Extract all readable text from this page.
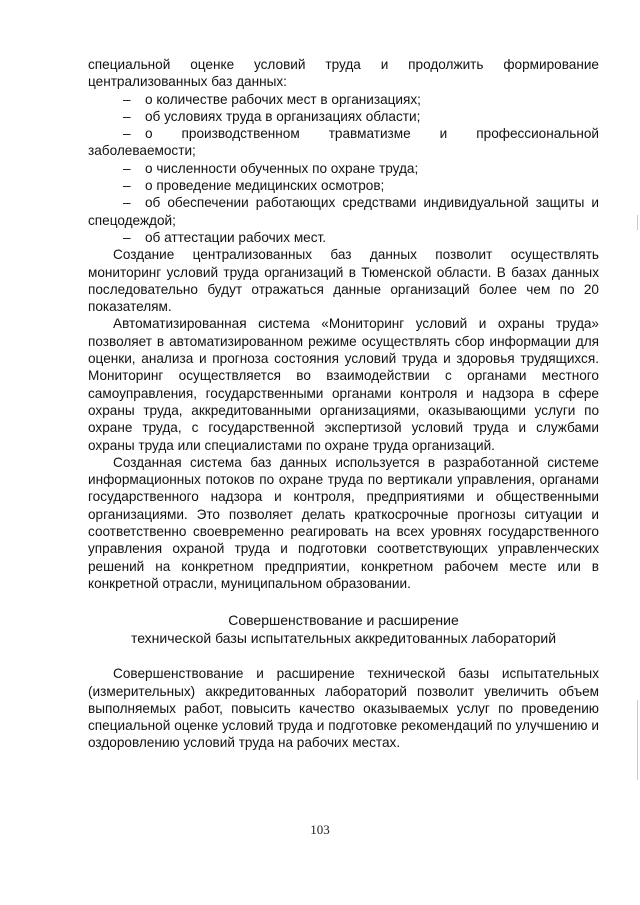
специальной оценке условий труда и продолжить формирование централизованных баз данных:

– о количестве рабочих мест в организациях;
– об условиях труда в организациях области;
– о производственном травматизме и профессиональной заболеваемости;
– о численности обученных по охране труда;
– о проведение медицинских осмотров;
– об обеспечении работающих средствами индивидуальной защиты и спецодеждой;
– об аттестации рабочих мест.

Создание централизованных баз данных позволит осуществлять мониторинг условий труда организаций в Тюменской области. В базах данных последовательно будут отражаться данные организаций более чем по 20 показателям.

Автоматизированная система «Мониторинг условий и охраны труда» позволяет в автоматизированном режиме осуществлять сбор информации для оценки, анализа и прогноза состояния условий труда и здоровья трудящихся. Мониторинг осуществляется во взаимодействии с органами местного самоуправления, государственными органами контроля и надзора в сфере охраны труда, аккредитованными организациями, оказывающими услуги по охране труда, с государственной экспертизой условий труда и службами охраны труда или специалистами по охране труда организаций.

Созданная система баз данных используется в разработанной системе информационных потоков по охране труда по вертикали управления, органами государственного надзора и контроля, предприятиями и общественными организациями. Это позволяет делать краткосрочные прогнозы ситуации и соответственно своевременно реагировать на всех уровнях государственного управления охраной труда и подготовки соответствующих управленческих решений на конкретном предприятии, конкретном рабочем месте или в конкретной отрасли, муниципальном образовании.

Совершенствование и расширение
технической базы испытательных аккредитованных лабораторий

Совершенствование и расширение технической базы испытательных (измерительных) аккредитованных лабораторий позволит увеличить объем выполняемых работ, повысить качество оказываемых услуг по проведению специальной оценке условий труда и подготовке рекомендаций по улучшению и оздоровлению условий труда на рабочих местах.

103
